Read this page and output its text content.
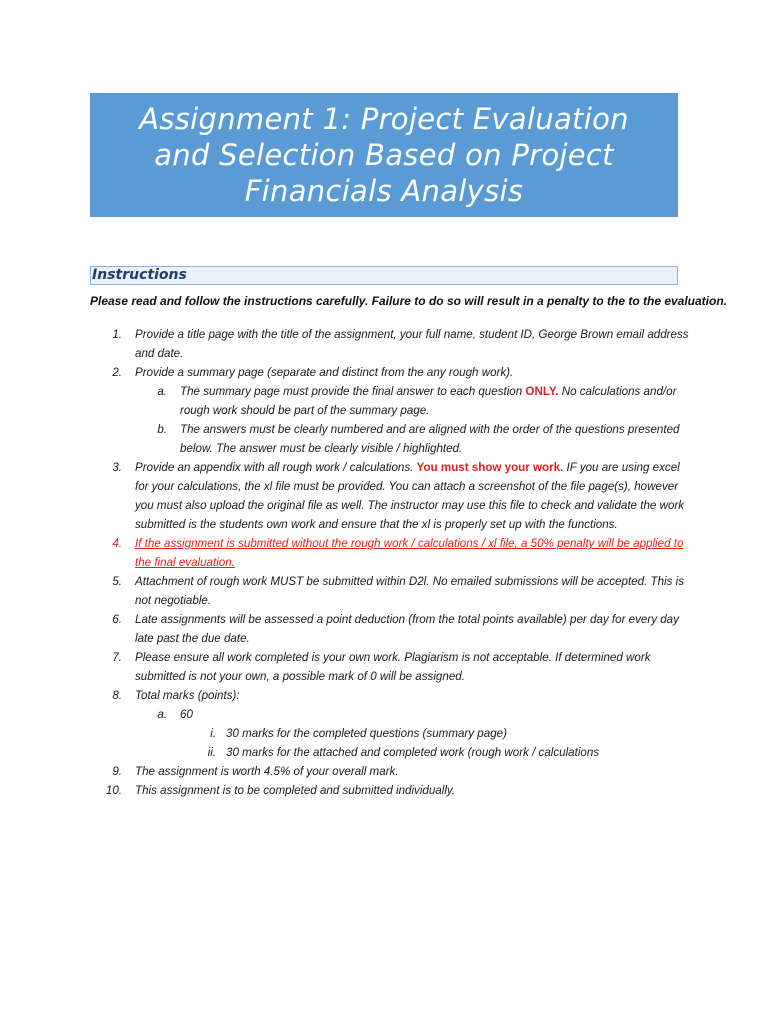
Assignment 1: Project Evaluation and Selection Based on Project Financials Analysis
Instructions

Please read and follow the instructions carefully. Failure to do so will result in a penalty to the to the evaluation.

1. Provide a title page with the title of the assignment, your full name, student ID, George Brown email address and date.
2. Provide a summary page (separate and distinct from the any rough work).
a. The summary page must provide the final answer to each question ONLY. No calculations and/or rough work should be part of the summary page.
b. The answers must be clearly numbered and are aligned with the order of the questions presented below. The answer must be clearly visible / highlighted.
3. Provide an appendix with all rough work / calculations. You must show your work. IF you are using excel for your calculations, the xl file must be provided. You can attach a screenshot of the file page(s), however you must also upload the original file as well. The instructor may use this file to check and validate the work submitted is the students own work and ensure that the xl is properly set up with the functions.
4. If the assignment is submitted without the rough work / calculations / xl file, a 50% penalty will be applied to the final evaluation.
5. Attachment of rough work MUST be submitted within D2l. No emailed submissions will be accepted. This is not negotiable.
6. Late assignments will be assessed a point deduction (from the total points available) per day for every day late past the due date.
7. Please ensure all work completed is your own work. Plagiarism is not acceptable. If determined work submitted is not your own, a possible mark of 0 will be assigned.
8. Total marks (points):
a. 60
i. 30 marks for the completed questions (summary page)
ii. 30 marks for the attached and completed work (rough work / calculations
9. The assignment is worth 4.5% of your overall mark.
10. This assignment is to be completed and submitted individually.
